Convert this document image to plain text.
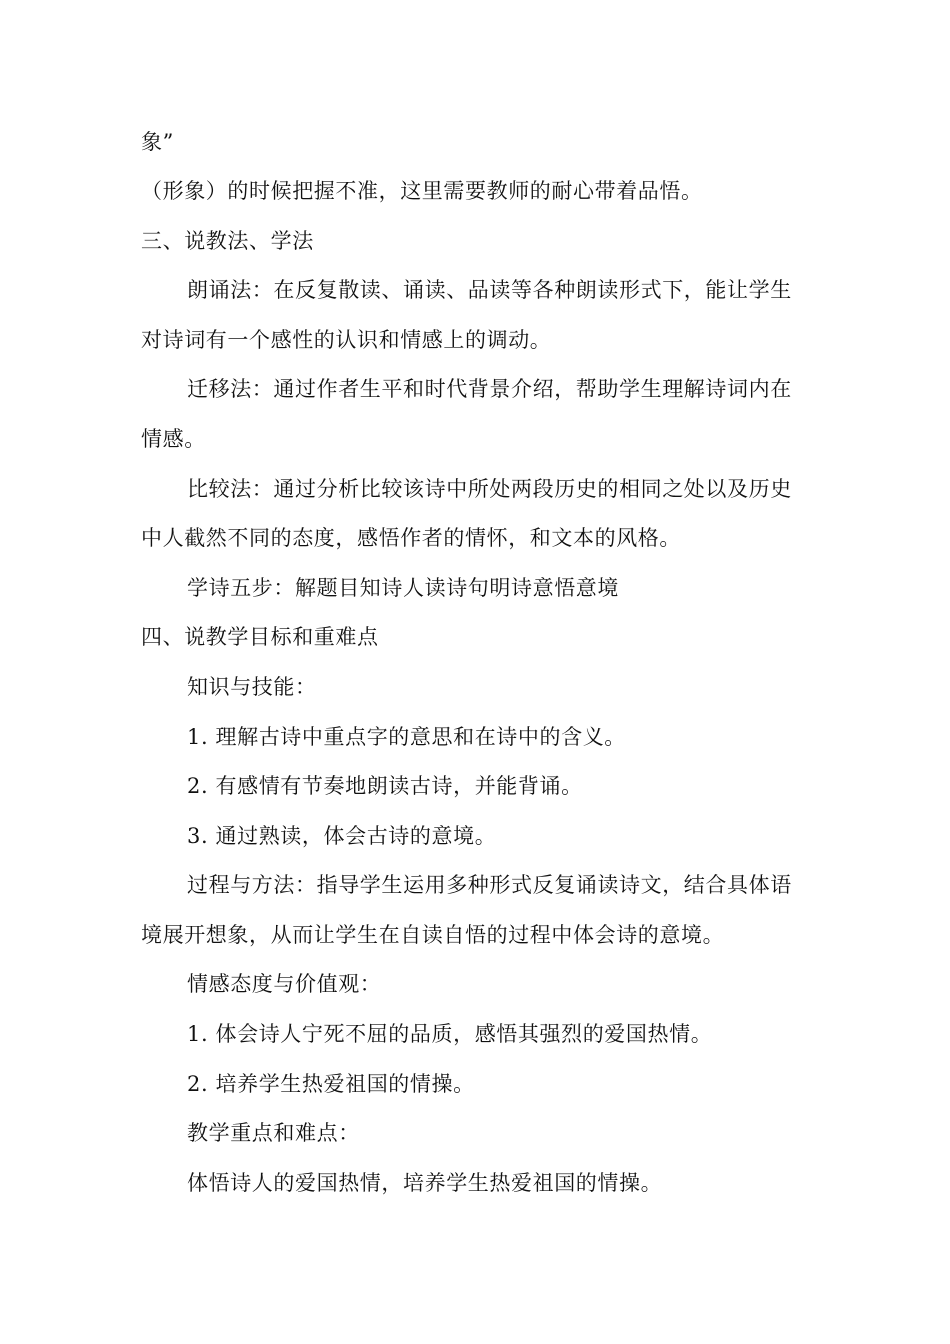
象”
（形象）的时候把握不准，这里需要教师的耐心带着品悟。
三、说教法、学法
朗诵法：在反复散读、诵读、品读等各种朗读形式下，能让学生
对诗词有一个感性的认识和情感上的调动。
迁移法：通过作者生平和时代背景介绍，帮助学生理解诗词内在
情感。
比较法：通过分析比较该诗中所处两段历史的相同之处以及历史
中人截然不同的态度，感悟作者的情怀，和文本的风格。
学诗五步：解题目知诗人读诗句明诗意悟意境
四、说教学目标和重难点
知识与技能：
1. 理解古诗中重点字的意思和在诗中的含义。
2. 有感情有节奏地朗读古诗，并能背诵。
3. 通过熟读，体会古诗的意境。
过程与方法：指导学生运用多种形式反复诵读诗文，结合具体语
境展开想象，从而让学生在自读自悟的过程中体会诗的意境。
情感态度与价值观：
1. 体会诗人宁死不屈的品质，感悟其强烈的爱国热情。
2. 培养学生热爱祖国的情操。
教学重点和难点：
体悟诗人的爱国热情，培养学生热爱祖国的情操。
